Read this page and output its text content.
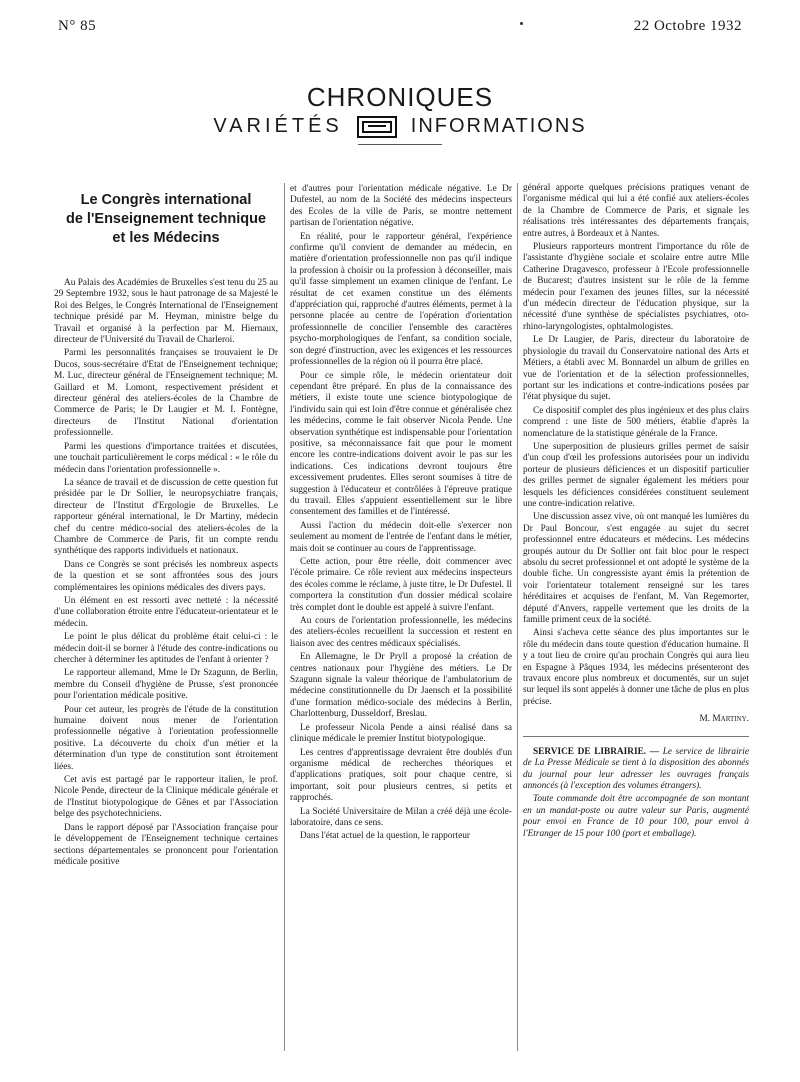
N° 85	22 Octobre 1932
CHRONIQUES
VARIÉTÉS	INFORMATIONS
Le Congrès international
de l'Enseignement technique
et les Médecins

Au Palais des Académies de Bruxelles s'est tenu du 25 au 29 Septembre 1932, sous le haut patronage de sa Majesté le Roi des Belges, le Congrès International de l'Enseignement technique présidé par M. Heyman, ministre belge du Travail et organisé à la perfection par M. Hiernaux, directeur de l'Université du Travail de Charleroi.

Parmi les personnalités françaises se trouvaient le Dr Ducos, sous-secrétaire d'Etat de l'Enseignement technique; M. Luc, directeur général de l'Enseignement technique; M. Gaillard et M. Lomont, respectivement président et directeur général des ateliers-écoles de la Chambre de Commerce de Paris; le Dr Laugier et M. I. Fontègne, directeurs de l'Institut National d'orientation professionnelle.

Parmi les questions d'importance traitées et discutées, une touchait particulièrement le corps médical : « le rôle du médecin dans l'orientation professionnelle ».

La séance de travail et de discussion de cette question fut présidée par le Dr Sollier, le neuropsychiatre français, directeur de l'Institut d'Ergologie de Bruxelles. Le rapporteur général international, le Dr Martiny, médecin chef du centre médico-social des ateliers-écoles de la Chambre de Commerce de Paris, fit un compte rendu synthétique des rapports individuels et nationaux.

Dans ce Congrès se sont précisés les nombreux aspects de la question et se sont affrontées sous des jours complémentaires les opinions médicales des divers pays.

Un élément en est ressorti avec netteté : la nécessité d'une collaboration étroite entre l'éducateur-orientateur et le médecin.

Le point le plus délicat du problème était celui-ci : le médecin doit-il se borner à l'étude des contre-indications ou chercher à déterminer les aptitudes de l'enfant à orienter ?

Le rapporteur allemand, Mme le Dr Szagunn, de Berlin, membre du Conseil d'hygiène de Prusse, s'est prononcée pour l'orientation médicale positive.

Pour cet auteur, les progrès de l'étude de la constitution humaine doivent nous mener de l'orientation professionnelle négative à l'orientation professionnelle positive. La découverte du choix d'un métier et la détermination d'un type de constitution sont étroitement liées.

Cet avis est partagé par le rapporteur italien, le prof. Nicole Pende, directeur de la Clinique médicale générale et de l'Institut biotypologique de Gênes et par l'Association belge des psychotechniciens.

Dans le rapport déposé par l'Association française pour le développement de l'Enseignement technique certaines sections départementales se prononcent pour l'orientation médicale positive

et d'autres pour l'orientation médicale négative. Le Dr Dufestel, au nom de la Société des médecins inspecteurs des Ecoles de la ville de Paris, se montre nettement partisan de l'orientation négative.

En réalité, pour le rapporteur général, l'expérience confirme qu'il convient de demander au médecin, en matière d'orientation professionnelle non pas qu'il indique la profession à choisir ou la profession à déconseiller, mais qu'il fasse simplement un examen clinique de l'enfant. Le résultat de cet examen constitue un des éléments d'appréciation qui, rapproché d'autres éléments, permet à la personne placée au centre de l'opération d'orientation professionnelle de concilier l'ensemble des caractères psycho-morphologiques de l'enfant, sa condition sociale, son degré d'instruction, avec les exigences et les ressources professionnelles de la région où il pourra être placé.

Pour ce simple rôle, le médecin orientateur doit cependant être préparé. En plus de la connaissance des métiers, il existe toute une science biotypologique de l'individu sain qui est loin d'être connue et généralisée chez les médecins, comme le fait observer Nicola Pende. Une observation synthétique est indispensable pour l'orientation positive, sa méconnaissance fait que pour le moment encore les contre-indications doivent avoir le pas sur les indications. Ces indications devront toujours être excessivement prudentes. Elles seront soumises à titre de suggestion à l'éducateur et contrôlées à l'épreuve pratique du travail. Elles s'appuient essentiellement sur le libre consentement des familles et de l'intéressé.

Aussi l'action du médecin doit-elle s'exercer non seulement au moment de l'entrée de l'enfant dans le métier, mais doit se continuer au cours de l'apprentissage.

Cette action, pour être réelle, doit commencer avec l'école primaire. Ce rôle revient aux médecins inspecteurs des écoles comme le réclame, à juste titre, le Dr Dufestel. Il comportera la constitution d'un dossier médical scolaire très complet dont le double est appelé à suivre l'enfant.

Au cours de l'orientation professionnelle, les médecins des ateliers-écoles recueillent la succession et restent en liaison avec des centres médicaux spécialisés.

En Allemagne, le Dr Pryll a proposé la création de centres nationaux pour l'hygiène des métiers. Le Dr Szagunn signale la valeur théorique de l'ambulatorium de médecine constitutionnelle du Dr Jaensch et la possibilité d'une formation médico-sociale des médecins à Berlin, Charlottenburg, Dusseldorf, Breslau.

Le professeur Nicola Pende a ainsi réalisé dans sa clinique médicale le premier Institut biotypologique.

Les centres d'apprentissage devraient être doublés d'un organisme médical de recherches théoriques et d'applications pratiques, soit pour chaque centre, si important, soit pour plusieurs centres, si petits et rapprochés.

La Société Universitaire de Milan a créé déjà une école-laboratoire, dans ce sens.

Dans l'état actuel de la question, le rapporteur

général apporte quelques précisions pratiques venant de l'organisme médical qui lui a été confié aux ateliers-écoles de la Chambre de Commerce de Paris, et signale les réalisations très intéressantes des départements français, entre autres, à Bordeaux et à Nantes.

Plusieurs rapporteurs montrent l'importance du rôle de l'assistante d'hygiène sociale et scolaire entre autre Mlle Catherine Dragavesco, professeur à l'Ecole professionnelle de Bucarest; d'autres insistent sur le rôle de la femme médecin pour l'examen des jeunes filles, sur la nécessité d'un médecin directeur de l'éducation physique, sur la nécessité d'une synthèse de spécialistes psychiatres, oto-rhino-laryngologistes, ophtalmologistes.

Le Dr Laugier, de Paris, directeur du laboratoire de physiologie du travail du Conservatoire national des Arts et Métiers, a établi avec M. Bonnardel un album de grilles en vue de l'orientation et de la sélection professionnelles, portant sur les indications et contre-indications posées par l'état physique du sujet.

Ce dispositif complet des plus ingénieux et des plus clairs comprend : une liste de 500 métiers, établie d'après la nomenclature de la statistique générale de la France.

Une superposition de plusieurs grilles permet de saisir d'un coup d'œil les professions autorisées pour un individu porteur de plusieurs déficiences et un dispositif particulier des grilles permet de signaler également les métiers pour lesquels les déficiences considérées constituent seulement une contre-indication relative.

Une discussion assez vive, où ont manqué les lumières du Dr Paul Boncour, s'est engagée au sujet du secret professionnel entre éducateurs et médecins. Les médecins groupés autour du Dr Sollier ont fait bloc pour le respect absolu du secret professionnel et ont adopté le système de la double fiche. Un congressiste ayant émis la prétention de voir l'orientateur totalement renseigné sur les tares héréditaires et acquises de l'enfant, M. Van Regemorter, député d'Anvers, rappelle vertement que les droits de la famille priment ceux de la société.

Ainsi s'acheva cette séance des plus importantes sur le rôle du médecin dans toute question d'éducation humaine. Il y a tout lieu de croire qu'au prochain Congrès qui aura lieu en Espagne à Pâques 1934, les médecins présenteront des travaux encore plus nombreux et documentés, sur un sujet sur lequel ils sont appelés à donner une tâche de plus en plus précise.

M. Martiny.

SERVICE DE LIBRAIRIE. — Le service de librairie de La Presse Médicale se tient à la disposition des abonnés du journal pour leur adresser les ouvrages français annoncés (à l'exception des volumes étrangers).

Toute commande doit être accompagnée de son montant en un mandat-poste ou autre valeur sur Paris, augmenté pour envoi en France de 10 pour 100, pour envoi à l'Etranger de 15 pour 100 (port et emballage).
